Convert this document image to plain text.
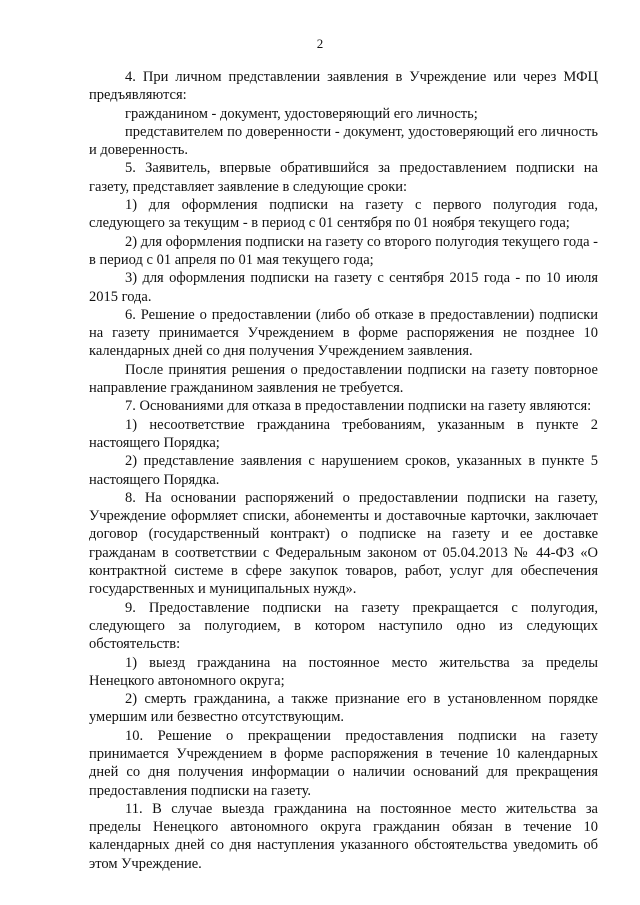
2

4. При личном представлении заявления в Учреждение или через МФЦ предъявляются:

гражданином - документ, удостоверяющий его личность;

представителем по доверенности - документ, удостоверяющий его личность и доверенность.

5. Заявитель, впервые обратившийся за предоставлением подписки на газету, представляет заявление в следующие сроки:

1) для оформления подписки на газету с первого полугодия года, следующего за текущим - в период с 01 сентября по 01 ноября текущего года;

2) для оформления подписки на газету со второго полугодия текущего года - в период с 01 апреля по 01 мая текущего года;

3) для оформления подписки на газету с сентября 2015 года - по 10 июля 2015 года.

6. Решение о предоставлении (либо об отказе в предоставлении) подписки на газету принимается Учреждением в форме распоряжения не позднее 10 календарных дней со дня получения Учреждением заявления.

После принятия решения о предоставлении подписки на газету повторное направление гражданином заявления не требуется.

7. Основаниями для отказа в предоставлении подписки на газету являются:

1) несоответствие гражданина требованиям, указанным в пункте 2 настоящего Порядка;

2) представление заявления с нарушением сроков, указанных в пункте 5 настоящего Порядка.

8. На основании распоряжений о предоставлении подписки на газету, Учреждение оформляет списки, абонементы и доставочные карточки, заключает договор (государственный контракт) о подписке на газету и ее доставке гражданам в соответствии с Федеральным законом от 05.04.2013 № 44-ФЗ «О контрактной системе в сфере закупок товаров, работ, услуг для обеспечения государственных и муниципальных нужд».

9. Предоставление подписки на газету прекращается с полугодия, следующего за полугодием, в котором наступило одно из следующих обстоятельств:

1) выезд гражданина на постоянное место жительства за пределы Ненецкого автономного округа;

2) смерть гражданина, а также признание его в установленном порядке умершим или безвестно отсутствующим.

10. Решение о прекращении предоставления подписки на газету принимается Учреждением в форме распоряжения в течение 10 календарных дней со дня получения информации о наличии оснований для прекращения предоставления подписки на газету.

11. В случае выезда гражданина на постоянное место жительства за пределы Ненецкого автономного округа гражданин обязан в течение 10 календарных дней со дня наступления указанного обстоятельства уведомить об этом Учреждение.
